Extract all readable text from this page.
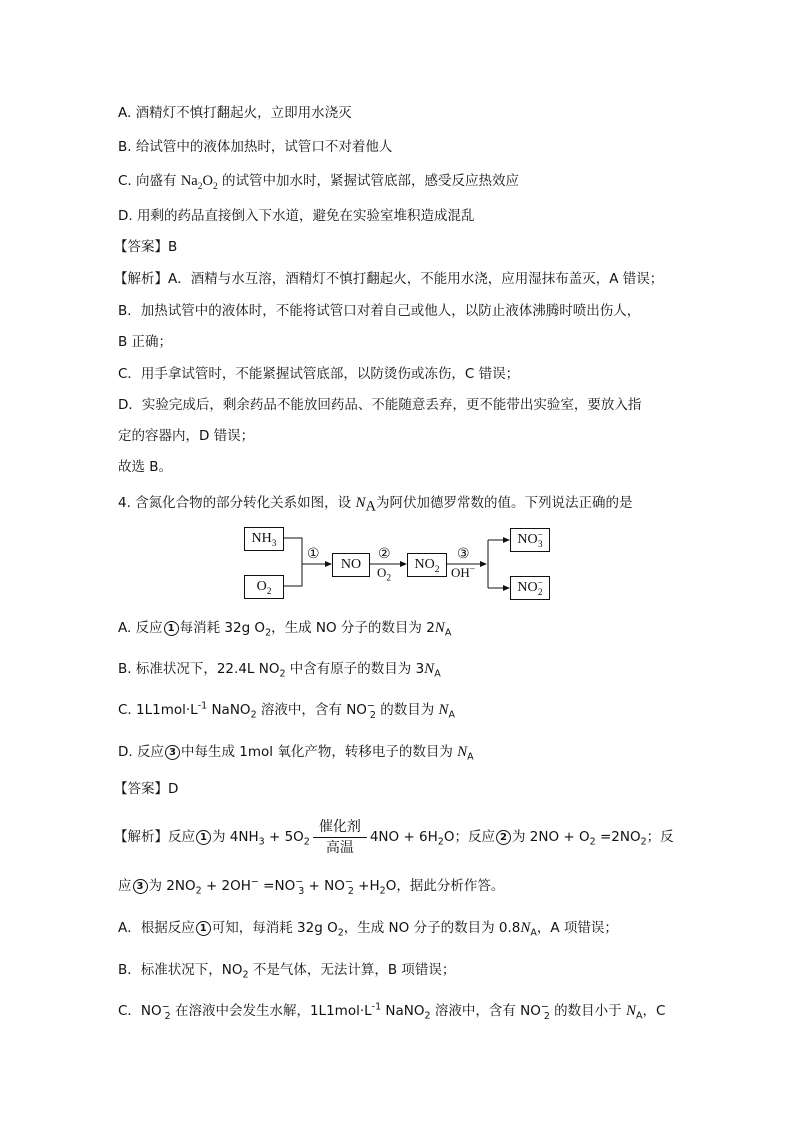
A. 酒精灯不慎打翻起火，立即用水浇灭
B. 给试管中的液体加热时，试管口不对着他人
C. 向盛有 $Na_2O_2$ 的试管中加水时，紧握试管底部，感受反应热效应
D. 用剩的药品直接倒入下水道，避免在实验室堆积造成混乱
【答案】B
【解析】A．酒精与水互溶，酒精灯不慎打翻起火，不能用水浇，应用湿抹布盖灭，A 错误；
B．加热试管中的液体时，不能将试管口对着自己或他人，以防止液体沸腾时喷出伤人，
B 正确；
C．用手拿试管时，不能紧握试管底部，以防烫伤或冻伤，C 错误；
D．实验完成后，剩余药品不能放回药品、不能随意丢弃，更不能带出实验室，要放入指
定的容器内，D 错误；
故选 B。
4. 含氮化合物的部分转化关系如图，设 $N_A$为阿伏加德罗常数的值。下列说法正确的是
$NH_3$
$O_2$
NO	$NO_2$
$NO^-_3$
$NO^-_2$
①	②
$O_2$
③
OH−
A. 反应 1 每消耗 32g $O_2$，生成 NO 分子的数目为 $2N_A$
B. 标准状况下，22.4L $NO_2$ 中含有原子的数目为 $3N_A$
C. $1L1mol\cdot L^{-1}$ NaNO$_2$ 溶液中，含有 $NO^-_2$ 的数目为 $N_A$
D. 反应 3 中每生成 1mol 氧化产物，转移电子的数目为 $N_A$
【答案】D
【解析】反应 1 为 $4NH_3 + 5O_2 \frac{\text{催化剂}}{\text{高温}} 4NO + 6H_2O$；反应 2 为 $2NO + O_2 =2NO_2$；反
应 3 为 $2NO_2 + 2OH^- =NO^-_3 + NO^-_2 +H_2O$，据此分析作答。
A．根据反应 1 可知，每消耗 32g $O_2$，生成 NO 分子的数目为 $0.8N_A$，A 项错误；
B．标准状况下，$NO_2$ 不是气体，无法计算，B 项错误；
C．$NO^-_2$ 在溶液中会发生水解，$1L1mol\cdot L^{-1}$ NaNO$_2$ 溶液中，含有 $NO^-_2$ 的数目小于 $N_A$，C
